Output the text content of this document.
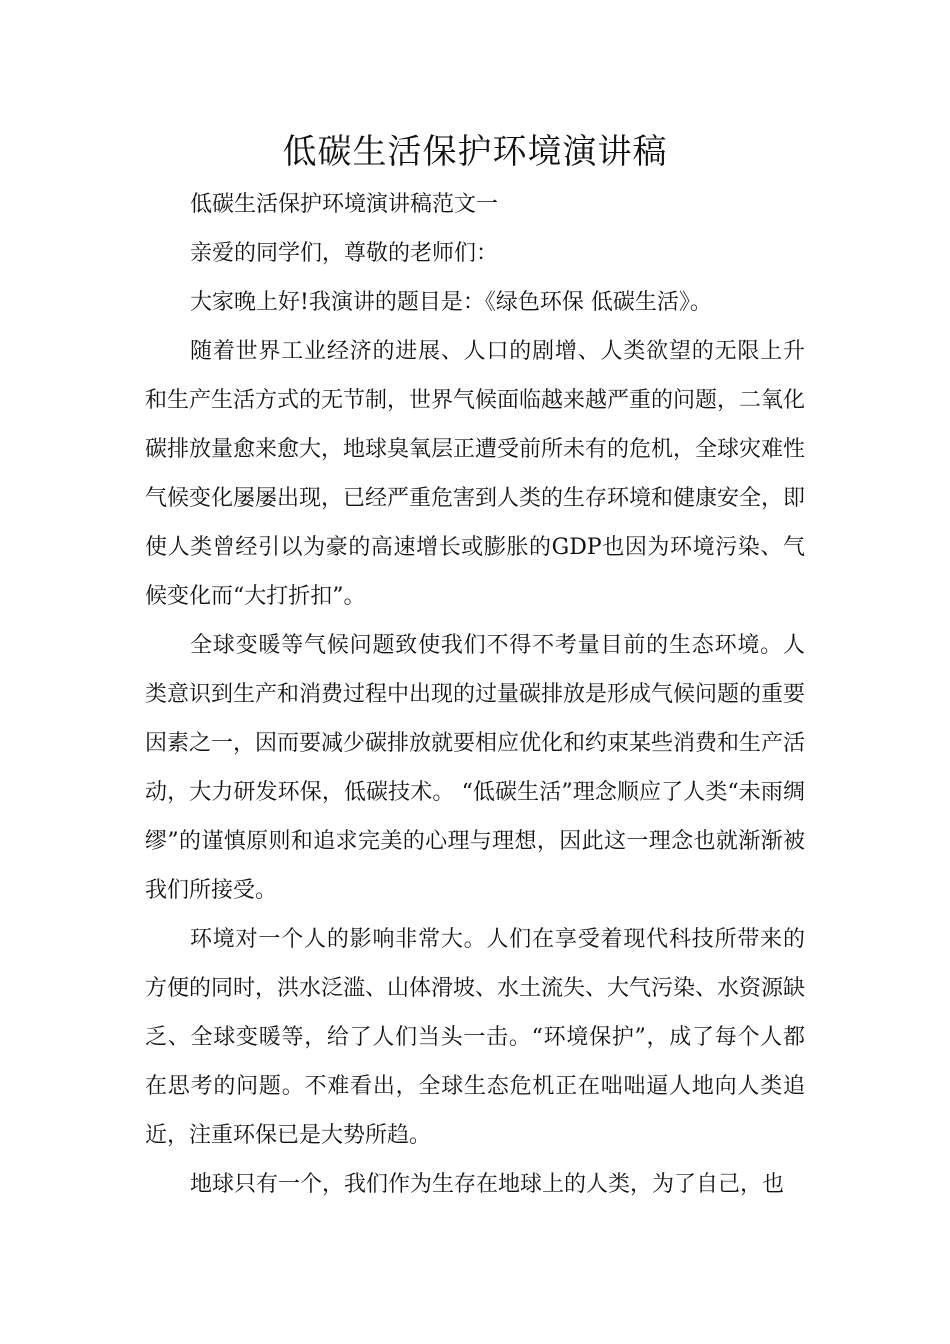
低碳生活保护环境演讲稿

低碳生活保护环境演讲稿范文一

亲爱的同学们，尊敬的老师们：

大家晚上好!我演讲的题目是：《绿色环保 低碳生活》。

随着世界工业经济的进展、人口的剧增、人类欲望的无限上升和生产生活方式的无节制，世界气候面临越来越严重的问题，二氧化碳排放量愈来愈大，地球臭氧层正遭受前所未有的危机，全球灾难性气候变化屡屡出现，已经严重危害到人类的生存环境和健康安全，即使人类曾经引以为豪的高速增长或膨胀的GDP也因为环境污染、气候变化而“大打折扣”。

全球变暖等气候问题致使我们不得不考量目前的生态环境。人类意识到生产和消费过程中出现的过量碳排放是形成气候问题的重要因素之一，因而要减少碳排放就要相应优化和约束某些消费和生产活动，大力研发环保，低碳技术。 “低碳生活”理念顺应了人类“未雨绸缪”的谨慎原则和追求完美的心理与理想，因此这一理念也就渐渐被我们所接受。

环境对一个人的影响非常大。人们在享受着现代科技所带来的方便的同时，洪水泛滥、山体滑坡、水土流失、大气污染、水资源缺乏、全球变暖等，给了人们当头一击。“环境保护”，成了每个人都在思考的问题。不难看出，全球生态危机正在咄咄逼人地向人类追近，注重环保已是大势所趋。

地球只有一个，我们作为生存在地球上的人类，为了自己，也
